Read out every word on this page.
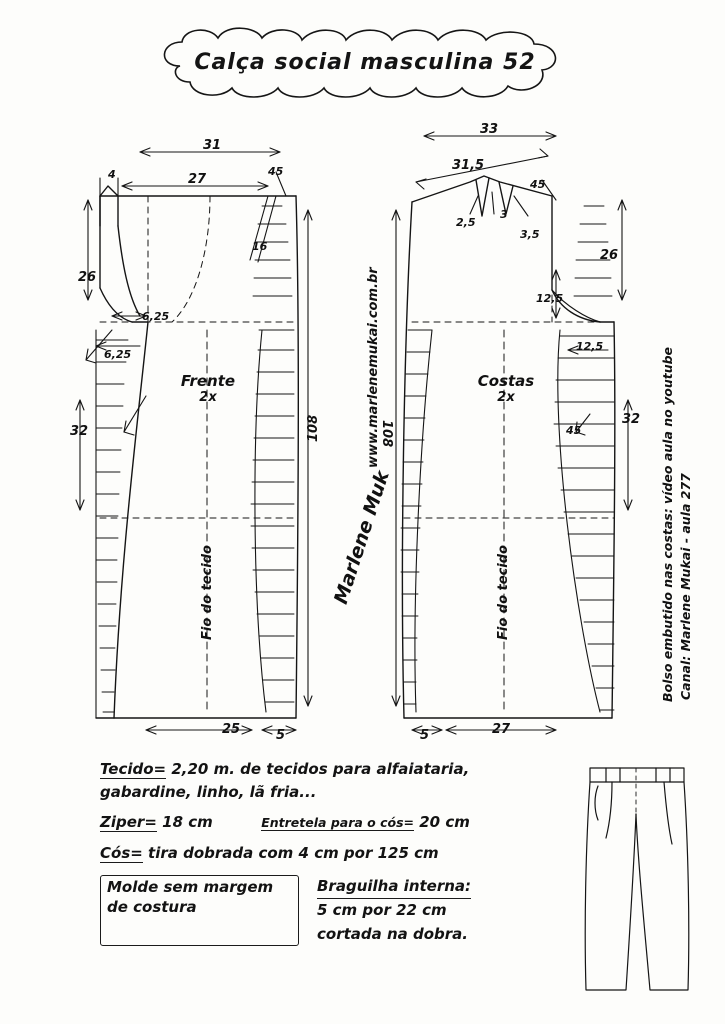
Calça social masculina 52
31
27
4	45
16
26
6,25
6,25
32	108
25	5
Frente
2x
Fio do tecido
33
31,5
2,5
3
3,5
45
26
12,5
12,5
32
45
108
27
5
Costas
2x
Fio do tecido
www.marlenemukai.com.br
Marlene Muk	Bolso embutido nas costas: vídeo aula no youtube Canal: Marlene Mukai - aula 277
Tecido= 2,20 m. de tecidos para alfaiataria,
gabardine, linho, lã fria...
Ziper= 18 cm	Entretela para o cós= 20 cm
Cós= tira dobrada com 4 cm por 125 cm
Molde sem margem de costura
Braguilha interna:
5 cm por 22 cm
cortada na dobra.
